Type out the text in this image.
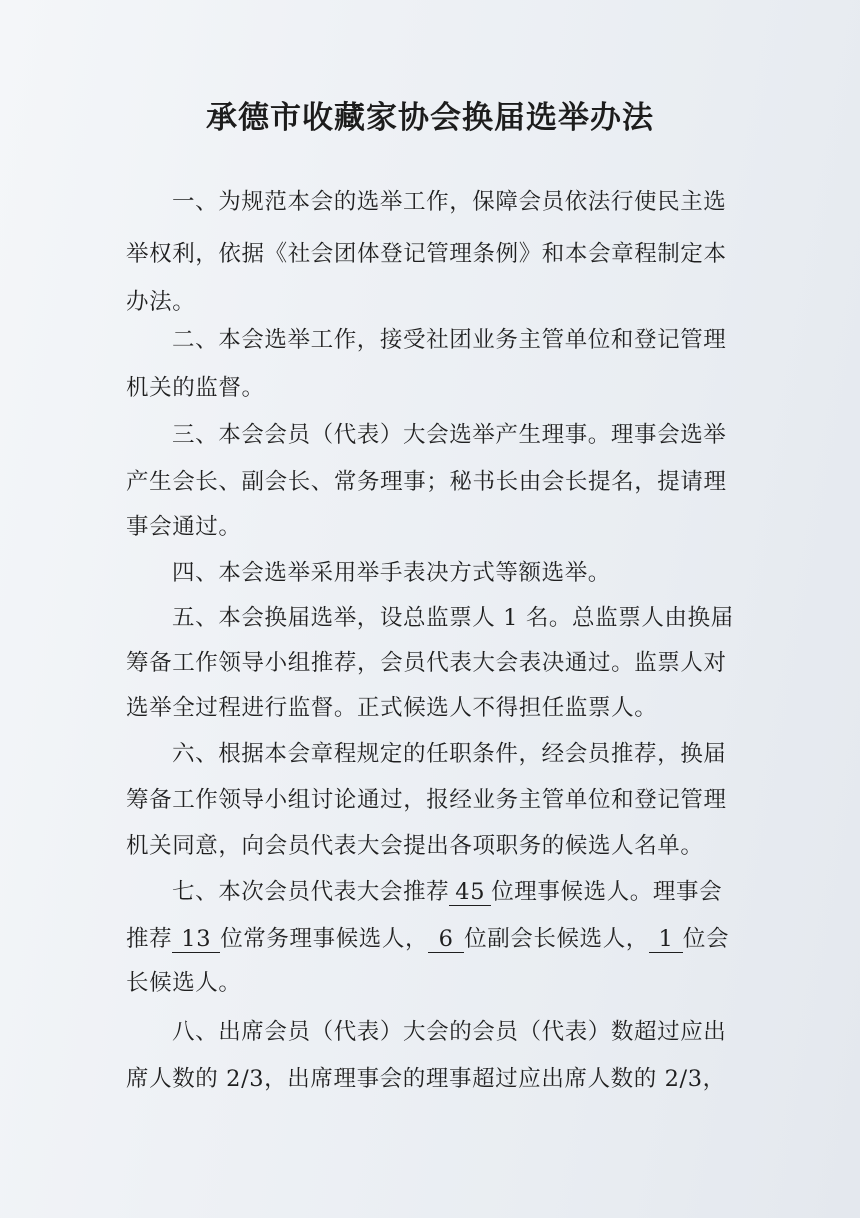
承德市收藏家协会换届选举办法
一、为规范本会的选举工作，保障会员依法行使民主选
举权利，依据《社会团体登记管理条例》和本会章程制定本
办法。
二、本会选举工作，接受社团业务主管单位和登记管理
机关的监督。
三、本会会员（代表）大会选举产生理事。理事会选举
产生会长、副会长、常务理事；秘书长由会长提名，提请理
事会通过。
四、本会选举采用举手表决方式等额选举。
五、本会换届选举，设总监票人 1 名。总监票人由换届
筹备工作领导小组推荐，会员代表大会表决通过。监票人对
选举全过程进行监督。正式候选人不得担任监票人。
六、根据本会章程规定的任职条件，经会员推荐，换届
筹备工作领导小组讨论通过，报经业务主管单位和登记管理
机关同意，向会员代表大会提出各项职务的候选人名单。
七、本次会员代表大会推荐 45 位理事候选人。理事会
推荐 13 位常务理事候选人， 6 位副会长候选人， 1 位会
长候选人。
八、出席会员（代表）大会的会员（代表）数超过应出
席人数的 2/3，出席理事会的理事超过应出席人数的 2/3，
